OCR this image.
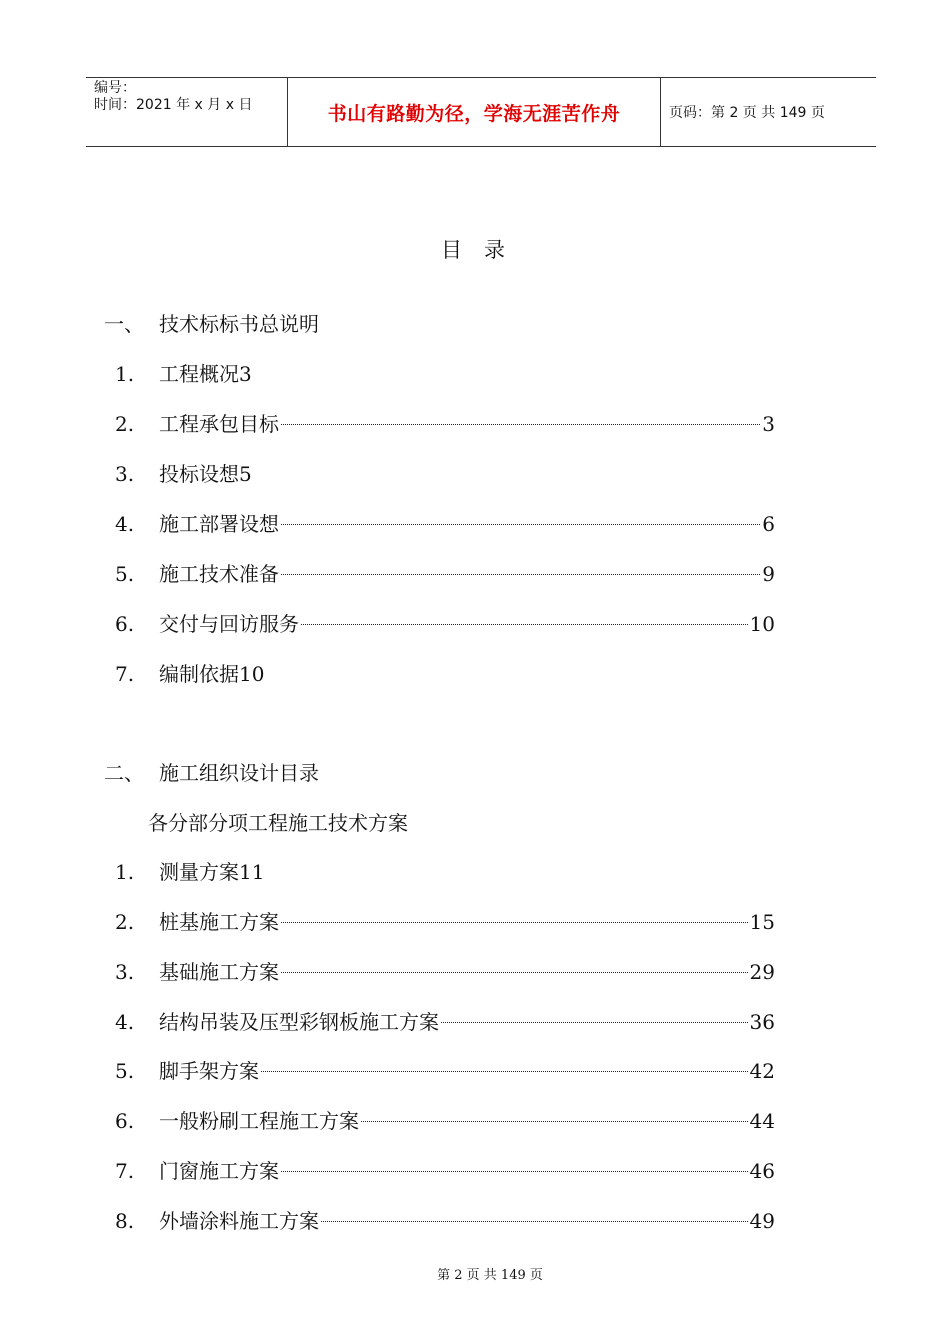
编号：
时间：2021 年 x 月 x 日	书山有路勤为径，学海无涯苦作舟	页码：第 2 页 共 149 页
目录
一、 技术标标书总说明
1.	工程概况3
2.	工程承包目标	3
3.	投标设想5
4.	施工部署设想	6
5.	施工技术准备	9
6.	交付与回访服务	10
7.	编制依据10
二、 施工组织设计目录
各分部分项工程施工技术方案
1.	测量方案11
2.	桩基施工方案	15
3.	基础施工方案	29
4.	结构吊装及压型彩钢板施工方案	36
5.	脚手架方案	42
6.	一般粉刷工程施工方案	44
7.	门窗施工方案	46
8.	外墙涂料施工方案	49
第 2 页 共 149 页
